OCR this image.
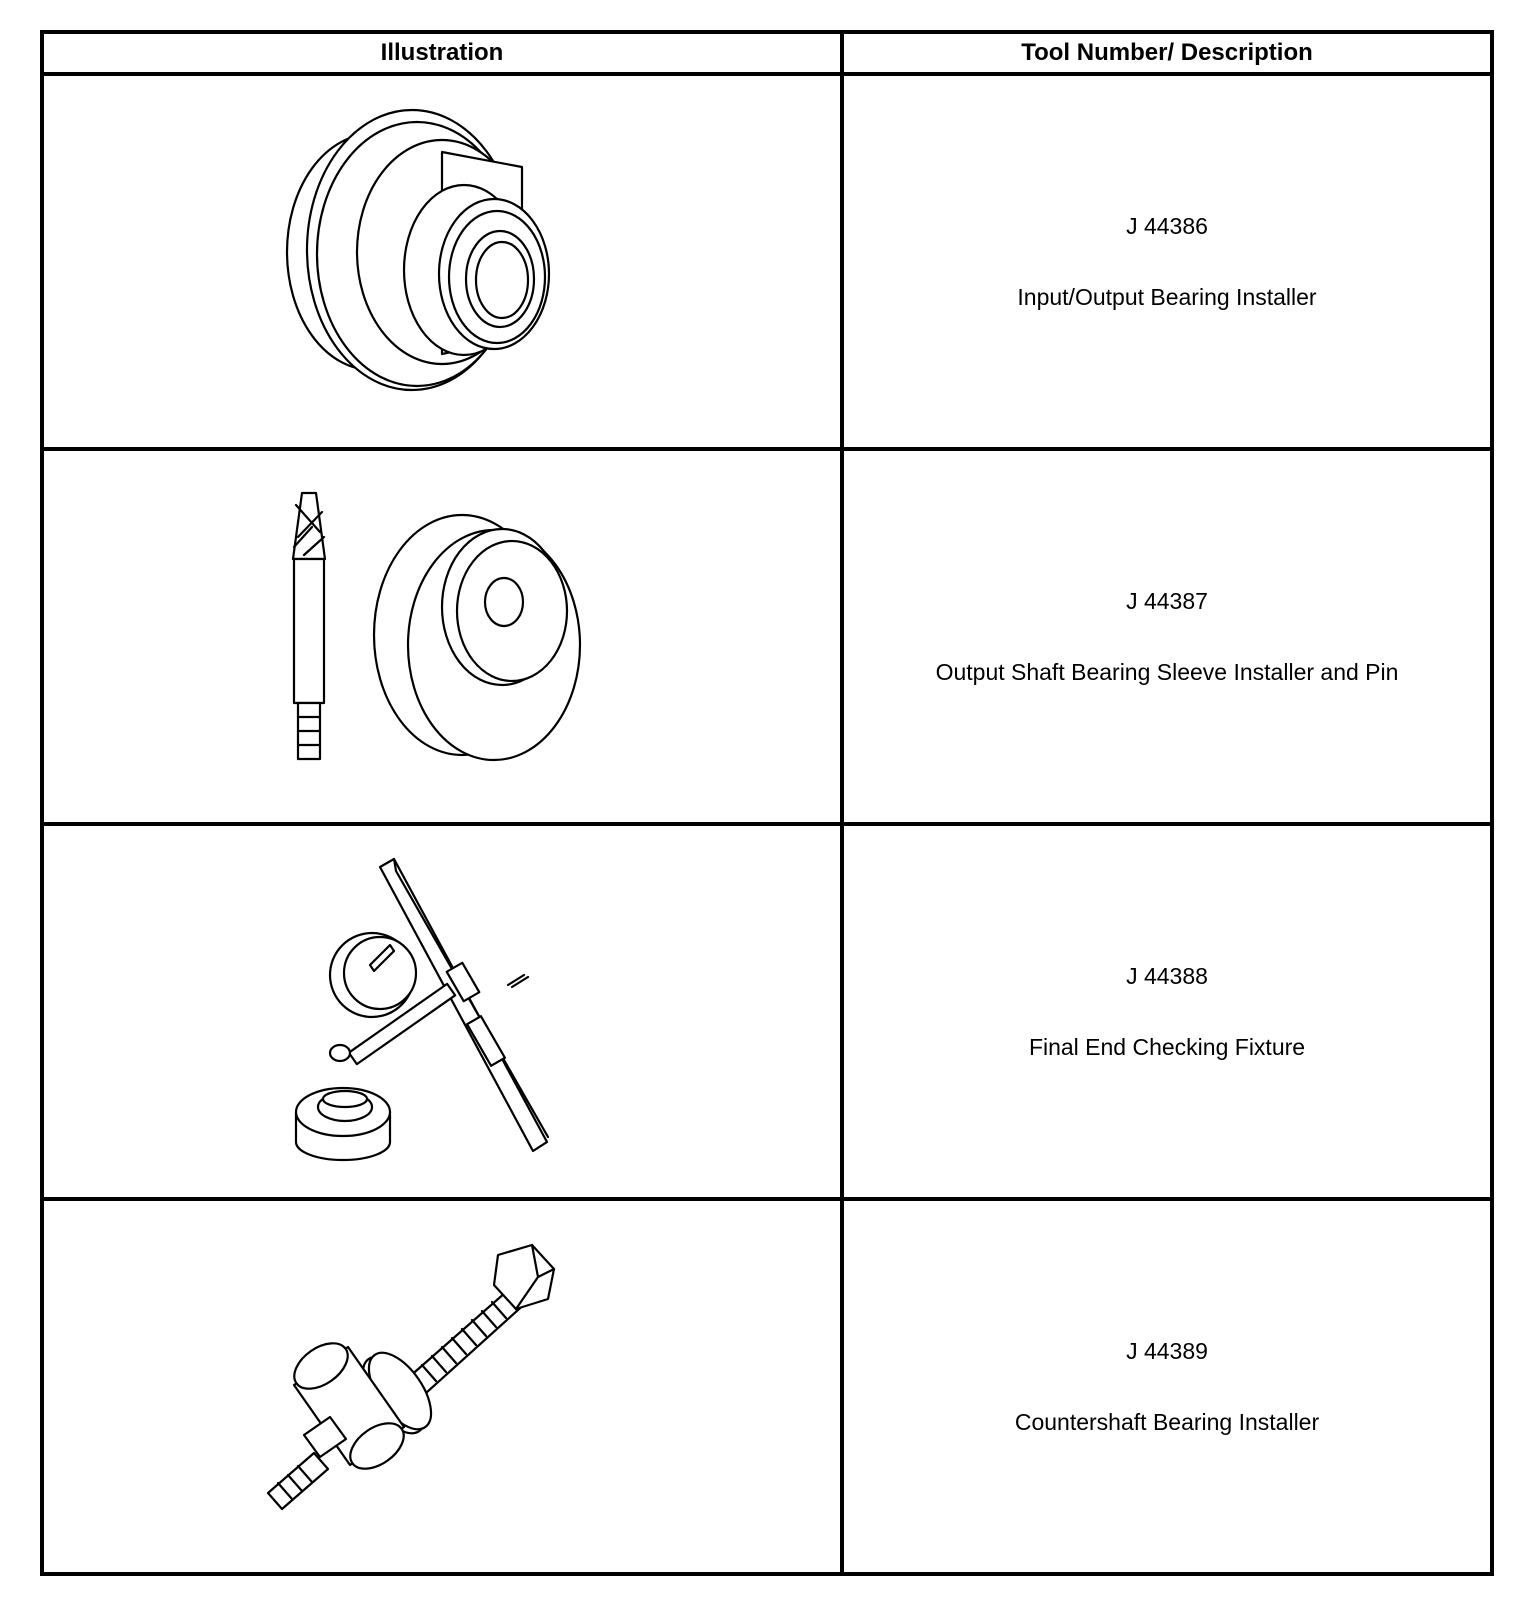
Illustration	Tool Number/ Description

J 44386
Input/Output Bearing Installer

J 44387
Output Shaft Bearing Sleeve Installer and Pin

J 44388
Final End Checking Fixture

J 44389
Countershaft Bearing Installer
